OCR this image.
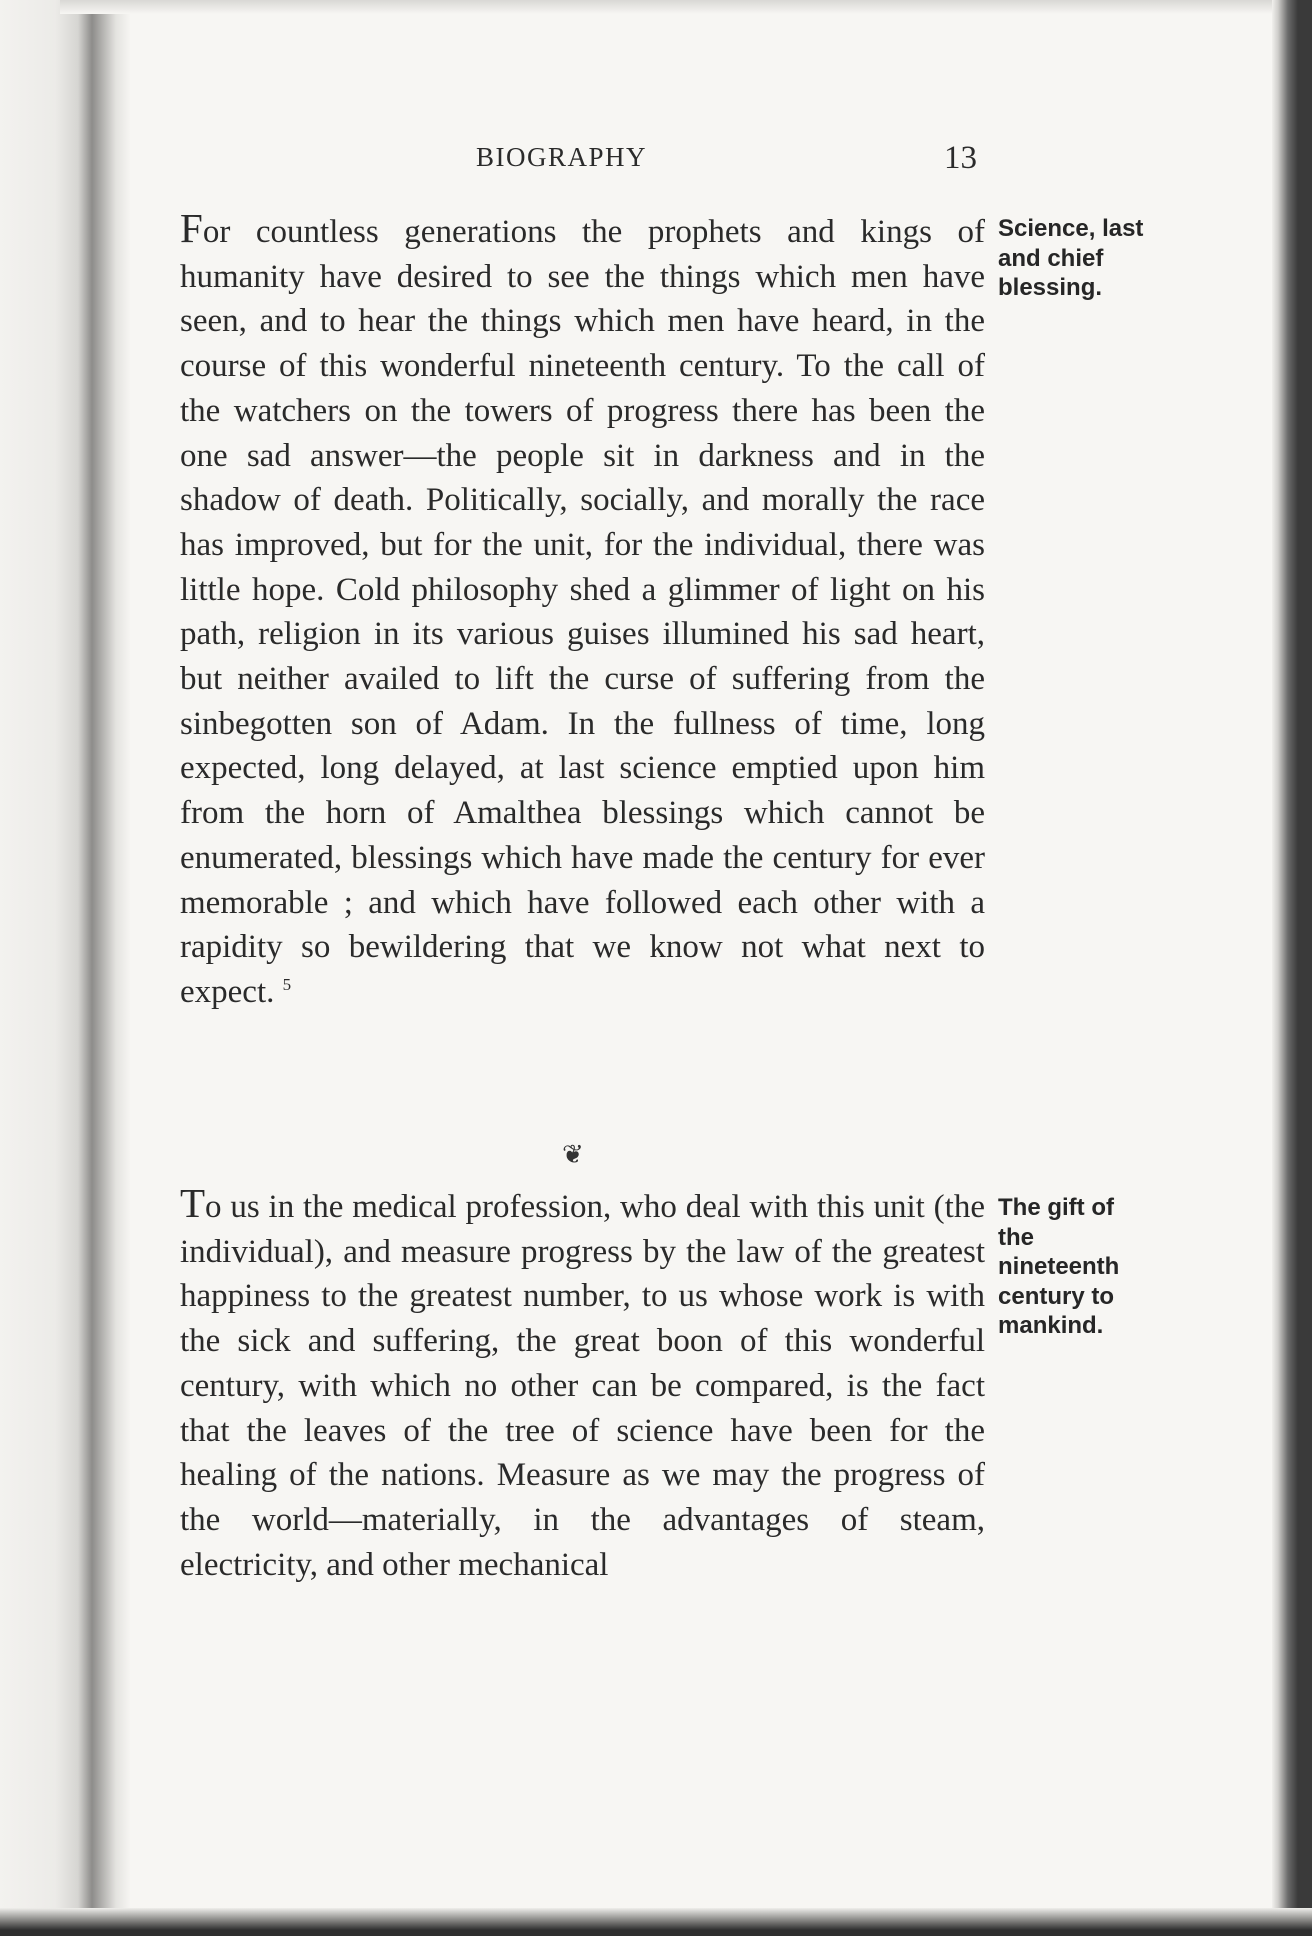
BIOGRAPHY	13

For countless generations the prophets and kings of humanity have desired to see the things which men have seen, and to hear the things which men have heard, in the course of this wonderful nineteenth century. To the call of the watchers on the towers of progress there has been the one sad answer—the people sit in darkness and in the shadow of death. Politically, socially, and morally the race has improved, but for the unit, for the individual, there was little hope. Cold philosophy shed a glimmer of light on his path, religion in its various guises illumined his sad heart, but neither availed to lift the curse of suffering from the sinbegotten son of Adam. In the fullness of time, long expected, long delayed, at last science emptied upon him from the horn of Amalthea blessings which cannot be enumerated, blessings which have made the century for ever memorable ; and which have followed each other with a rapidity so bewildering that we know not what next to expect. $^5$

❦

To us in the medical profession, who deal with this unit (the individual), and measure progress by the law of the greatest happiness to the greatest number, to us whose work is with the sick and suffering, the great boon of this wonderful century, with which no other can be compared, is the fact that the leaves of the tree of science have been for the healing of the nations. Measure as we may the progress of the world—materially, in the advantages of steam, electricity, and other mechanical

Science, last and chief blessing.

The gift of the nineteenth century to mankind.
